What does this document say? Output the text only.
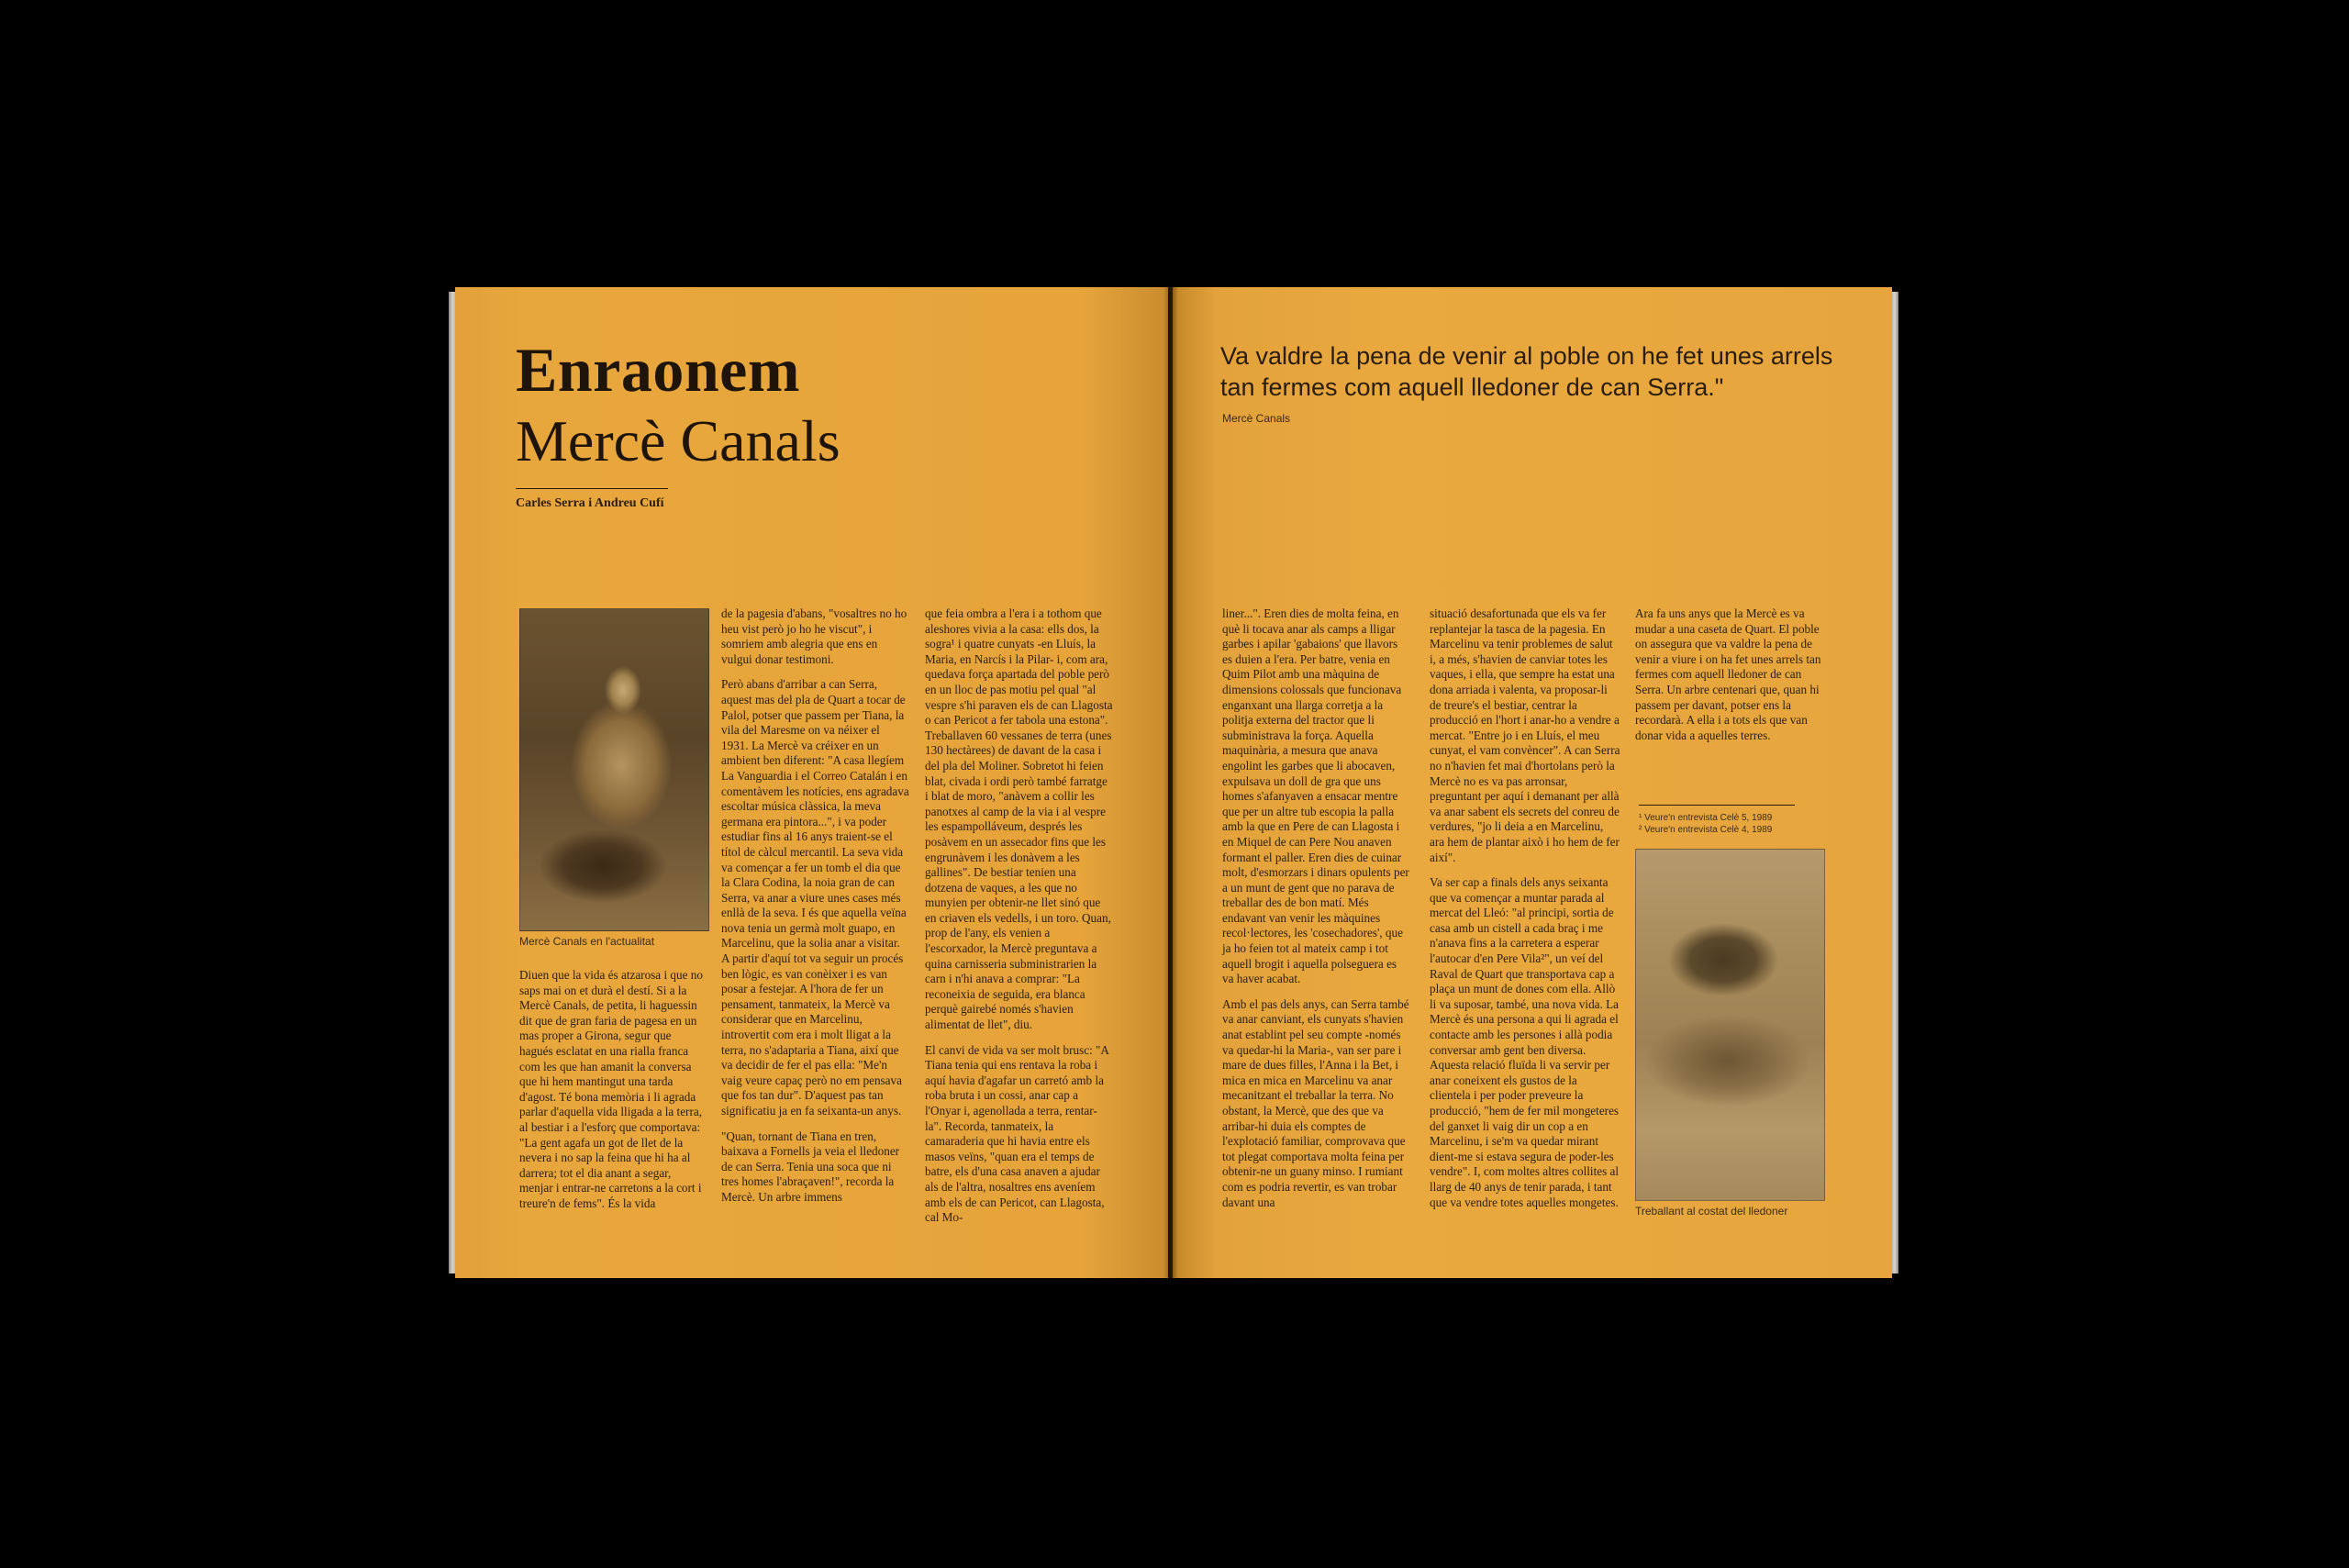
Enraonem
Mercè Canals
Carles Serra i Andreu Cufí
Mercè Canals en l'actualitat

Diuen que la vida és atzarosa i que no saps mai on et durà el destí. Si a la Mercè Canals, de petita, li haguessin dit que de gran faria de pagesa en un mas proper a Girona, segur que hagués esclatat en una rialla franca com les que han amanit la conversa que hi hem mantingut una tarda d'agost. Té bona memòria i li agrada parlar d'aquella vida lligada a la terra, al bestiar i a l'esforç que comportava: "La gent agafa un got de llet de la nevera i no sap la feina que hi ha al darrera; tot el dia anant a segar, menjar i entrar-ne carretons a la cort i treure'n de fems". És la vida

de la pagesia d'abans, "vosaltres no ho heu vist però jo ho he viscut", i somriem amb alegria que ens en vulgui donar testimoni.

Però abans d'arribar a can Serra, aquest mas del pla de Quart a tocar de Palol, potser que passem per Tiana, la vila del Maresme on va néixer el 1931. La Mercè va créixer en un ambient ben diferent: "A casa llegíem La Vanguardia i el Correo Catalán i en comentàvem les notícies, ens agradava escoltar música clàssica, la meva germana era pintora...", i va poder estudiar fins al 16 anys traient-se el títol de càlcul mercantil. La seva vida va començar a fer un tomb el dia que la Clara Codina, la noia gran de can Serra, va anar a viure unes cases més enllà de la seva. I és que aquella veïna nova tenia un germà molt guapo, en Marcelinu, que la solia anar a visitar. A partir d'aquí tot va seguir un procés ben lògic, es van conèixer i es van posar a festejar. A l'hora de fer un pensament, tanmateix, la Mercè va considerar que en Marcelinu, introvertit com era i molt lligat a la terra, no s'adaptaria a Tiana, així que va decidir de fer el pas ella: "Me'n vaig veure capaç però no em pensava que fos tan dur". D'aquest pas tan significatiu ja en fa seixanta-un anys.

"Quan, tornant de Tiana en tren, baixava a Fornells ja veia el lledoner de can Serra. Tenia una soca que ni tres homes l'abraçaven!", recorda la Mercè. Un arbre immens

que feia ombra a l'era i a tothom que aleshores vivia a la casa: ells dos, la sogra¹ i quatre cunyats -en Lluís, la Maria, en Narcís i la Pilar- i, com ara, quedava força apartada del poble però en un lloc de pas motiu pel qual "al vespre s'hi paraven els de can Llagosta o can Pericot a fer tabola una estona". Treballaven 60 vessanes de terra (unes 130 hectàrees) de davant de la casa i del pla del Moliner. Sobretot hi feien blat, civada i ordi però també farratge i blat de moro, "anàvem a collir les panotxes al camp de la via i al vespre les espampolláveum, després les posàvem en un assecador fins que les engrunàvem i les donàvem a les gallines". De bestiar tenien una dotzena de vaques, a les que no munyien per obtenir-ne llet sinó que en criaven els vedells, i un toro. Quan, prop de l'any, els venien a l'escorxador, la Mercè preguntava a quina carnisseria subministrarien la carn i n'hi anava a comprar: "La reconeixia de seguida, era blanca perquè gairebé només s'havien alimentat de llet", diu.

El canvi de vida va ser molt brusc: "A Tiana tenia qui ens rentava la roba i aquí havia d'agafar un carretó amb la roba bruta i un cossi, anar cap a l'Onyar i, agenollada a terra, rentar-la". Recorda, tanmateix, la camaraderia que hi havia entre els masos veïns, "quan era el temps de batre, els d'una casa anaven a ajudar als de l'altra, nosaltres ens aveníem amb els de can Pericot, can Llagosta, cal Mo-

Va valdre la pena de venir al poble on he fet unes arrels tan fermes com aquell lledoner de can Serra."
Mercè Canals

liner...". Eren dies de molta feina, en què li tocava anar als camps a lligar garbes i apilar 'gabaions' que llavors es duien a l'era. Per batre, venia en Quim Pilot amb una màquina de dimensions colossals que funcionava enganxant una llarga corretja a la politja externa del tractor que li subministrava la força. Aquella maquinària, a mesura que anava engolint les garbes que li abocaven, expulsava un doll de gra que uns homes s'afanyaven a ensacar mentre que per un altre tub escopia la palla amb la que en Pere de can Llagosta i en Miquel de can Pere Nou anaven formant el paller. Eren dies de cuinar molt, d'esmorzars i dinars opulents per a un munt de gent que no parava de treballar des de bon matí. Més endavant van venir les màquines recol·lectores, les 'cosechadores', que ja ho feien tot al mateix camp i tot aquell brogit i aquella polseguera es va haver acabat.

Amb el pas dels anys, can Serra també va anar canviant, els cunyats s'havien anat establint pel seu compte -només va quedar-hi la Maria-, van ser pare i mare de dues filles, l'Anna i la Bet, i mica en mica en Marcelinu va anar mecanitzant el treballar la terra. No obstant, la Mercè, que des que va arribar-hi duia els comptes de l'explotació familiar, comprovava que tot plegat comportava molta feina per obtenir-ne un guany minso. I rumiant com es podria revertir, es van trobar davant una

situació desafortunada que els va fer replantejar la tasca de la pagesia. En Marcelinu va tenir problemes de salut i, a més, s'havien de canviar totes les vaques, i ella, que sempre ha estat una dona arriada i valenta, va proposar-li de treure's el bestiar, centrar la producció en l'hort i anar-ho a vendre a mercat. "Entre jo i en Lluís, el meu cunyat, el vam convèncer". A can Serra no n'havien fet mai d'hortolans però la Mercè no es va pas arronsar, preguntant per aquí i demanant per allà va anar sabent els secrets del conreu de verdures, "jo li deia a en Marcelinu, ara hem de plantar això i ho hem de fer així".

Va ser cap a finals dels anys seixanta que va començar a muntar parada al mercat del Lleó: "al principi, sortia de casa amb un cistell a cada braç i me n'anava fins a la carretera a esperar l'autocar d'en Pere Vila²", un veí del Raval de Quart que transportava cap a plaça un munt de dones com ella. Allò li va suposar, també, una nova vida. La Mercè és una persona a qui li agrada el contacte amb les persones i allà podia conversar amb gent ben diversa. Aquesta relació fluïda li va servir per anar coneixent els gustos de la clientela i per poder preveure la producció, "hem de fer mil mongeteres del ganxet li vaig dir un cop a en Marcelinu, i se'm va quedar mirant dient-me si estava segura de poder-les vendre". I, com moltes altres collites al llarg de 40 anys de tenir parada, i tant que va vendre totes aquelles mongetes.

Ara fa uns anys que la Mercè es va mudar a una caseta de Quart. El poble on assegura que va valdre la pena de venir a viure i on ha fet unes arrels tan fermes com aquell lledoner de can Serra. Un arbre centenari que, quan hi passem per davant, potser ens la recordarà. A ella i a tots els que van donar vida a aquelles terres.

¹ Veure'n entrevista Celè 5, 1989
² Veure'n entrevista Celè 4, 1989
Treballant al costat del lledoner
